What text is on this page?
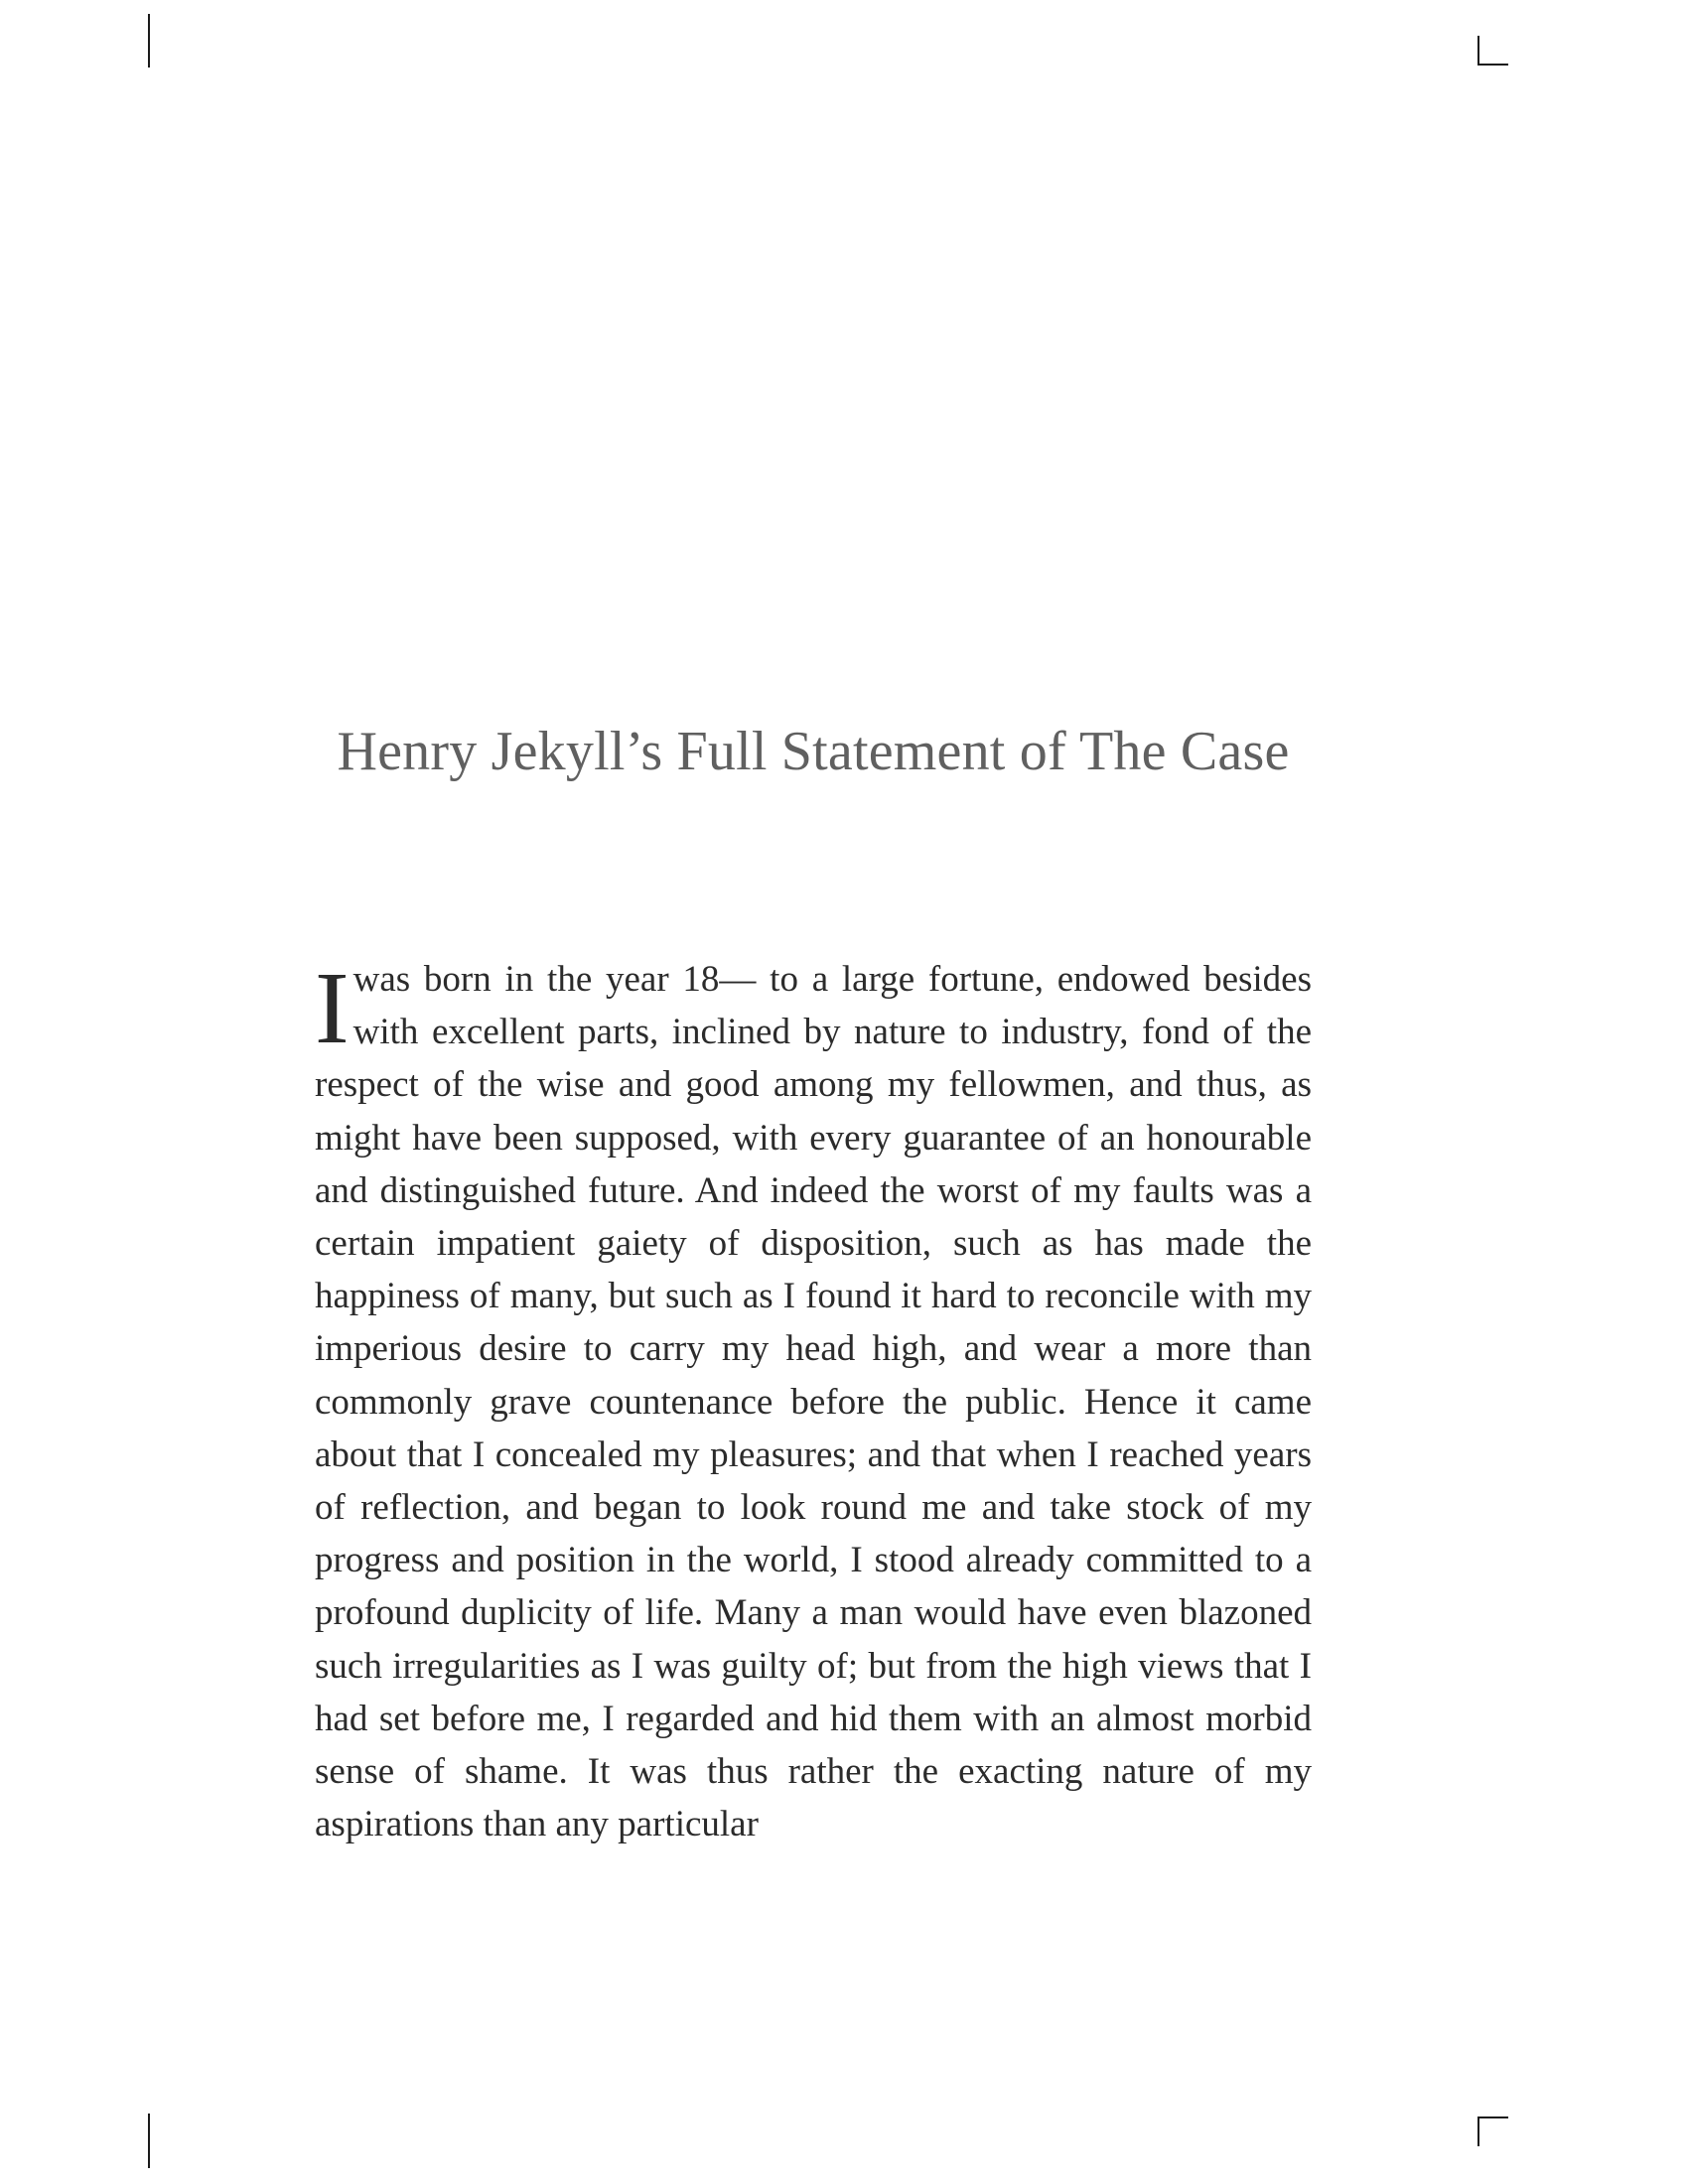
Henry Jekyll’s Full Statement of The Case

Iwas born in the year 18— to a large fortune, endowed besides with excellent parts, inclined by nature to industry, fond of the respect of the wise and good among my fellowmen, and thus, as might have been supposed, with every guarantee of an honourable and distinguished future. And indeed the worst of my faults was a certain impatient gaiety of disposition, such as has made the happiness of many, but such as I found it hard to reconcile with my imperious desire to carry my head high, and wear a more than commonly grave countenance before the public. Hence it came about that I concealed my pleasures; and that when I reached years of reflection, and began to look round me and take stock of my progress and position in the world, I stood already committed to a profound duplicity of life. Many a man would have even blazoned such irregularities as I was guilty of; but from the high views that I had set before me, I regarded and hid them with an almost morbid sense of shame. It was thus rather the exacting nature of my aspirations than any particular
